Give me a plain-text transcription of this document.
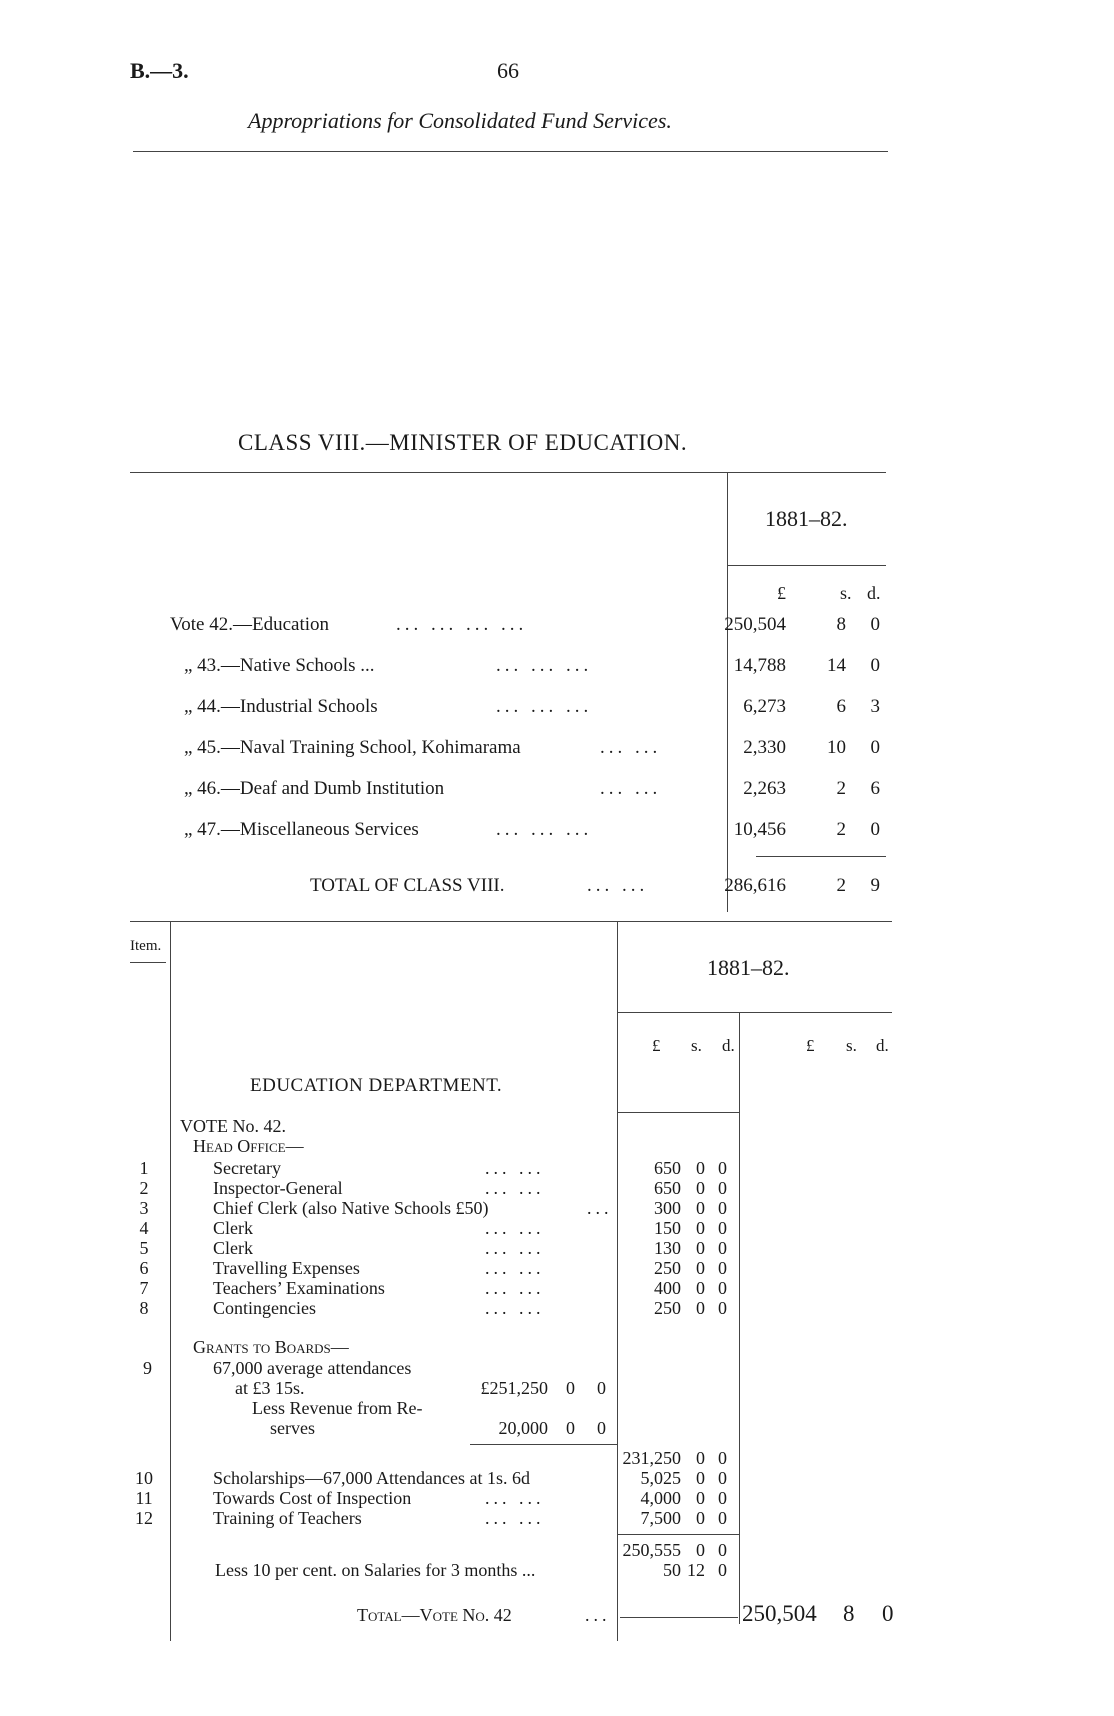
B.—3.	66
Appropriations for Consolidated Fund Services.
CLASS VIII.—MINISTER OF EDUCATION.
1881–82.
£	s. d.
Vote 42.—Education	... ... ... ...	250,504	8 0
„ 43.—Native Schools ...	... ... ...	14,788 14 0
„ 44.—Industrial Schools	... ... ...	6,273	6 3
„ 45.—Naval Training School, Kohimarama	... ...	2,330 10 0
„ 46.—Deaf and Dumb Institution	... ...	2,263	2 6
„ 47.—Miscellaneous Services	... ... ...	10,456	2 0
TOTAL OF CLASS VIII.	... ...	286,616	2 9
Item.
1881–82.
£ s. d.	£ s. d.
EDUCATION DEPARTMENT.
VOTE No. 42.
Head Office—
1	Secretary	... ...	650 0 0
2	Inspector-General	... ...	650 0 0
3	Chief Clerk (also Native Schools £50)	... 300 0 0
4	Clerk	... ...	150 0 0
5	Clerk	... ...	130 0 0
6	Travelling Expenses	... ...	250 0 0
7	Teachers’ Examinations	... ...	400 0 0
8	Contingencies	... ...	250 0 0
Grants to Boards—
9	67,000 average attendances
at £3 15s.	£251,250 0 0
Less Revenue from Re-
serves	20,000 0 0
231,250 0 0
10	Scholarships—67,000 Attendances at 1s. 6d	5,025 0 0
11	Towards Cost of Inspection	... ...	4,000 0 0
12	Training of Teachers	... ...	7,500 0 0
250,555 0 0
Less 10 per cent. on Salaries for 3 months ...	50 12 0
Total—Vote No. 42	...	250,504 8 0
